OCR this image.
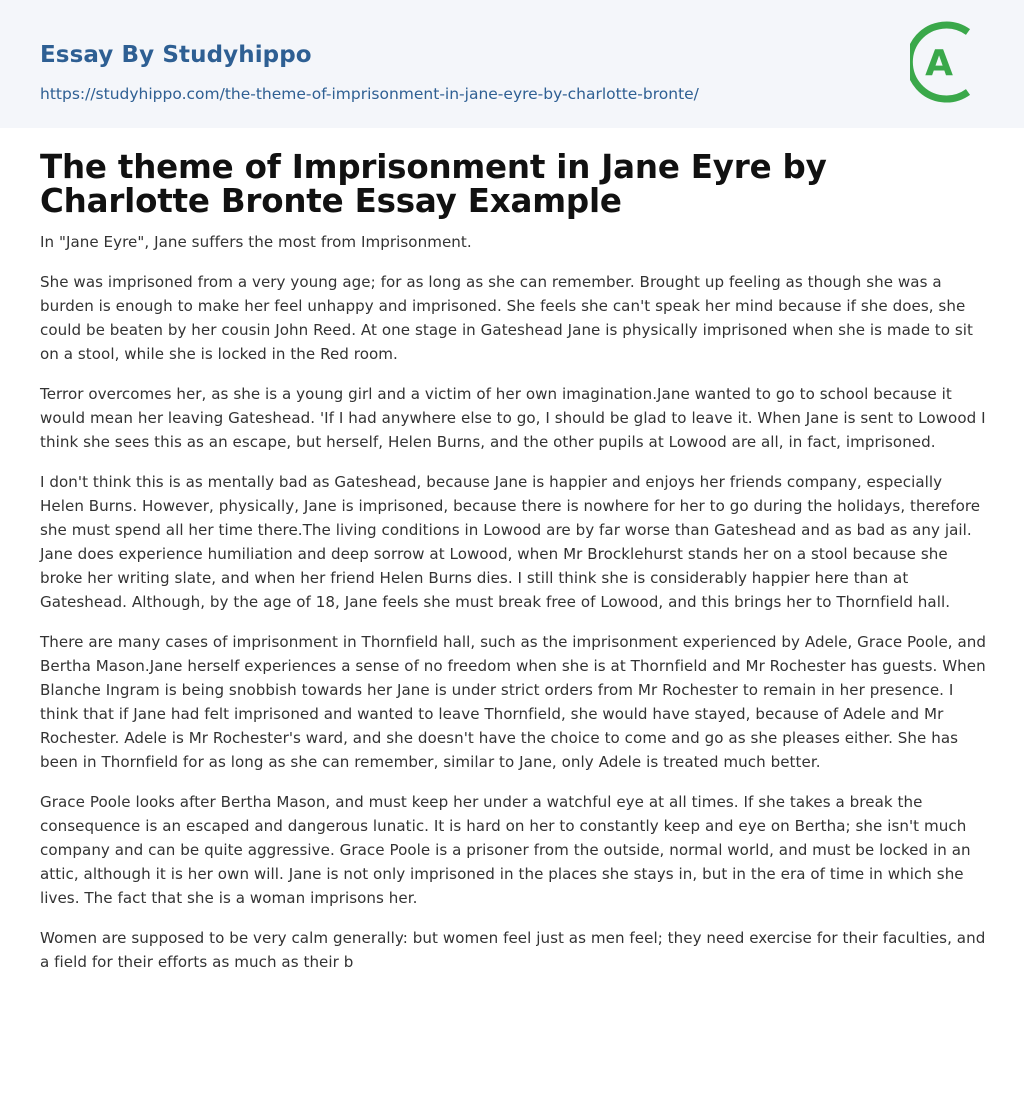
Essay By Studyhippo
https://studyhippo.com/the-theme-of-imprisonment-in-jane-eyre-by-charlotte-bronte/
A
The theme of Imprisonment in Jane Eyre by Charlotte Bronte Essay Example

In "Jane Eyre", Jane suffers the most from Imprisonment.

She was imprisoned from a very young age; for as long as she can remember. Brought up feeling as though she was a burden is enough to make her feel unhappy and imprisoned. She feels she can't speak her mind because if she does, she could be beaten by her cousin John Reed. At one stage in Gateshead Jane is physically imprisoned when she is made to sit on a stool, while she is locked in the Red room.

Terror overcomes her, as she is a young girl and a victim of her own imagination.Jane wanted to go to school because it would mean her leaving Gateshead. 'If I had anywhere else to go, I should be glad to leave it. When Jane is sent to Lowood I think she sees this as an escape, but herself, Helen Burns, and the other pupils at Lowood are all, in fact, imprisoned.

I don't think this is as mentally bad as Gateshead, because Jane is happier and enjoys her friends company, especially Helen Burns. However, physically, Jane is imprisoned, because there is nowhere for her to go during the holidays, therefore she must spend all her time there.The living conditions in Lowood are by far worse than Gateshead and as bad as any jail. Jane does experience humiliation and deep sorrow at Lowood, when Mr Brocklehurst stands her on a stool because she broke her writing slate, and when her friend Helen Burns dies. I still think she is considerably happier here than at Gateshead. Although, by the age of 18, Jane feels she must break free of Lowood, and this brings her to Thornfield hall.

There are many cases of imprisonment in Thornfield hall, such as the imprisonment experienced by Adele, Grace Poole, and Bertha Mason.Jane herself experiences a sense of no freedom when she is at Thornfield and Mr Rochester has guests. When Blanche Ingram is being snobbish towards her Jane is under strict orders from Mr Rochester to remain in her presence. I think that if Jane had felt imprisoned and wanted to leave Thornfield, she would have stayed, because of Adele and Mr Rochester. Adele is Mr Rochester's ward, and she doesn't have the choice to come and go as she pleases either. She has been in Thornfield for as long as she can remember, similar to Jane, only Adele is treated much better.

Grace Poole looks after Bertha Mason, and must keep her under a watchful eye at all times. If she takes a break the consequence is an escaped and dangerous lunatic. It is hard on her to constantly keep and eye on Bertha; she isn't much company and can be quite aggressive. Grace Poole is a prisoner from the outside, normal world, and must be locked in an attic, although it is her own will. Jane is not only imprisoned in the places she stays in, but in the era of time in which she lives. The fact that she is a woman imprisons her.

Women are supposed to be very calm generally: but women feel just as men feel; they need exercise for their faculties, and a field for their efforts as much as their b
